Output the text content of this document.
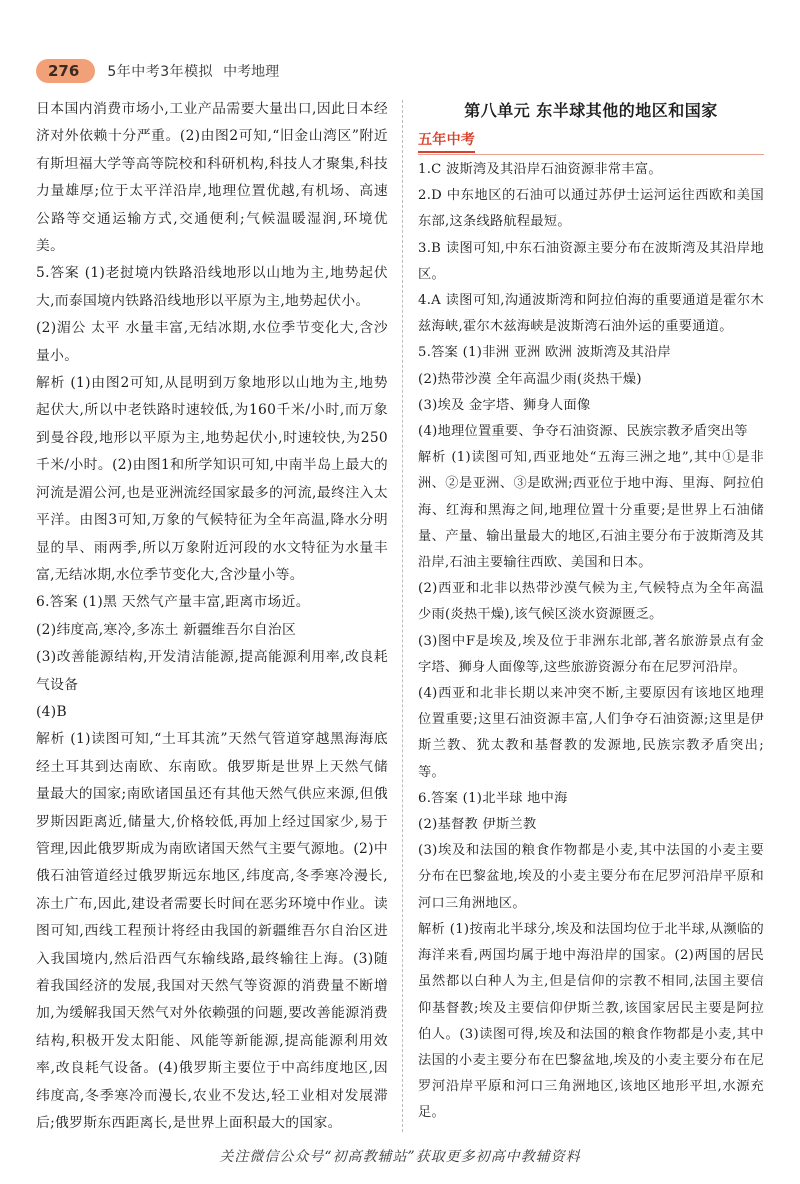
276	5年中考3年模拟 中考地理

日本国内消费市场小,工业产品需要大量出口,因此日本经济对外依赖十分严重。(2)由图2可知,“旧金山湾区”附近有斯坦福大学等高等院校和科研机构,科技人才聚集,科技力量雄厚;位于太平洋沿岸,地理位置优越,有机场、高速公路等交通运输方式,交通便利;气候温暖湿润,环境优美。

5.答案 (1)老挝境内铁路沿线地形以山地为主,地势起伏大,而泰国境内铁路沿线地形以平原为主,地势起伏小。

(2)湄公 太平 水量丰富,无结冰期,水位季节变化大,含沙量小。

解析 (1)由图2可知,从昆明到万象地形以山地为主,地势起伏大,所以中老铁路时速较低,为160千米/小时,而万象到曼谷段,地形以平原为主,地势起伏小,时速较快,为250千米/小时。(2)由图1和所学知识可知,中南半岛上最大的河流是湄公河,也是亚洲流经国家最多的河流,最终注入太平洋。由图3可知,万象的气候特征为全年高温,降水分明显的旱、雨两季,所以万象附近河段的水文特征为水量丰富,无结冰期,水位季节变化大,含沙量小等。

6.答案 (1)黑 天然气产量丰富,距离市场近。

(2)纬度高,寒冷,多冻土 新疆维吾尔自治区

(3)改善能源结构,开发清洁能源,提高能源利用率,改良耗气设备

(4)B

解析 (1)读图可知,“土耳其流”天然气管道穿越黑海海底经土耳其到达南欧、东南欧。俄罗斯是世界上天然气储量最大的国家;南欧诸国虽还有其他天然气供应来源,但俄罗斯因距离近,储量大,价格较低,再加上经过国家少,易于管理,因此俄罗斯成为南欧诸国天然气主要气源地。(2)中俄石油管道经过俄罗斯远东地区,纬度高,冬季寒冷漫长,冻土广布,因此,建设者需要长时间在恶劣环境中作业。读图可知,西线工程预计将经由我国的新疆维吾尔自治区进入我国境内,然后沿西气东输线路,最终输往上海。(3)随着我国经济的发展,我国对天然气等资源的消费量不断增加,为缓解我国天然气对外依赖强的问题,要改善能源消费结构,积极开发太阳能、风能等新能源,提高能源利用效率,改良耗气设备。(4)俄罗斯主要位于中高纬度地区,因纬度高,冬季寒冷而漫长,农业不发达,轻工业相对发展滞后;俄罗斯东西距离长,是世界上面积最大的国家。

第八单元 东半球其他的地区和国家

五年中考

1.C 波斯湾及其沿岸石油资源非常丰富。

2.D 中东地区的石油可以通过苏伊士运河运往西欧和美国东部,这条线路航程最短。

3.B 读图可知,中东石油资源主要分布在波斯湾及其沿岸地区。

4.A 读图可知,沟通波斯湾和阿拉伯海的重要通道是霍尔木兹海峡,霍尔木兹海峡是波斯湾石油外运的重要通道。

5.答案 (1)非洲 亚洲 欧洲 波斯湾及其沿岸

(2)热带沙漠 全年高温少雨(炎热干燥)

(3)埃及 金字塔、狮身人面像

(4)地理位置重要、争夺石油资源、民族宗教矛盾突出等

解析 (1)读图可知,西亚地处“五海三洲之地”,其中①是非洲、②是亚洲、③是欧洲;西亚位于地中海、里海、阿拉伯海、红海和黑海之间,地理位置十分重要;是世界上石油储量、产量、输出量最大的地区,石油主要分布于波斯湾及其沿岸,石油主要输往西欧、美国和日本。

(2)西亚和北非以热带沙漠气候为主,气候特点为全年高温少雨(炎热干燥),该气候区淡水资源匮乏。

(3)图中F是埃及,埃及位于非洲东北部,著名旅游景点有金字塔、狮身人面像等,这些旅游资源分布在尼罗河沿岸。

(4)西亚和北非长期以来冲突不断,主要原因有该地区地理位置重要;这里石油资源丰富,人们争夺石油资源;这里是伊斯兰教、犹太教和基督教的发源地,民族宗教矛盾突出;等。

6.答案 (1)北半球 地中海

(2)基督教 伊斯兰教

(3)埃及和法国的粮食作物都是小麦,其中法国的小麦主要分布在巴黎盆地,埃及的小麦主要分布在尼罗河沿岸平原和河口三角洲地区。

解析 (1)按南北半球分,埃及和法国均位于北半球,从濒临的海洋来看,两国均属于地中海沿岸的国家。(2)两国的居民虽然都以白种人为主,但是信仰的宗教不相同,法国主要信仰基督教;埃及主要信仰伊斯兰教,该国家居民主要是阿拉伯人。(3)读图可得,埃及和法国的粮食作物都是小麦,其中法国的小麦主要分布在巴黎盆地,埃及的小麦主要分布在尼罗河沿岸平原和河口三角洲地区,该地区地形平坦,水源充足。

关注微信公众号“初高教辅站”获取更多初高中教辅资料
